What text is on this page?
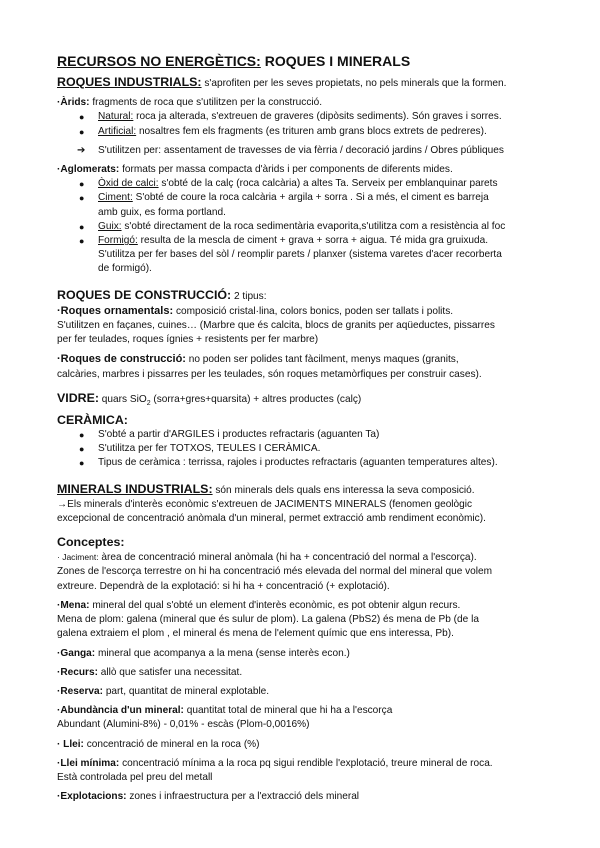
RECURSOS NO ENERGÈTICS: ROQUES I MINERALS

ROQUES INDUSTRIALS: s'aprofiten per les seves propietats, no pels minerals que la formen.

·Àrids: fragments de roca que s'utilitzen per la construcció.

● Natural: roca ja alterada, s'extreuen de graveres (dipòsits sediments). Són graves i sorres.
● Artificial: nosaltres fem els fragments (es trituren amb grans blocs extrets de pedreres).
➔ S'utilitzen per: assentament de travesses de via fèrria / decoració jardins / Obres públiques

·Aglomerats: formats per massa compacta d'àrids i per components de diferents mides.

● Òxid de calci: s'obté de la calç (roca calcària) a altes Ta. Serveix per emblanquinar parets
● Ciment: S'obté de coure la roca calcària + argila + sorra . Si a més, el ciment es barreja
amb guix, es forma portland.
● Guix: s'obté directament de la roca sedimentària evaporita,s'utilitza com a resistència al foc
● Formigó: resulta de la mescla de ciment + grava + sorra + aigua. Té mida gra gruixuda.
S'utilitza per fer bases del sòl / reomplir parets / planxer (sistema varetes d'acer recorberta
de formigó).

ROQUES DE CONSTRUCCIÓ: 2 tipus:

·Roques ornamentals: composició cristal·lina, colors bonics, poden ser tallats i polits.

S'utilitzen en façanes, cuines… (Marbre que és calcita, blocs de granits per aqüeductes, pissarres

per fer teulades, roques ígnies + resistents per fer marbre)

·Roques de construcció: no poden ser polides tant fàcilment, menys maques (granits,

calcàries, marbres i pissarres per les teulades, són roques metamòrfiques per construir cases).

VIDRE: quars SiO$_2$ (sorra+gres+quarsita) + altres productes (calç)

CERÀMICA:

● S'obté a partir d'ARGILES i productes refractaris (aguanten Ta)
● S'utilitza per fer TOTXOS, TEULES I CERÀMICA.
● Tipus de ceràmica : terrissa, rajoles i productes refractaris (aguanten temperatures altes).

MINERALS INDUSTRIALS: són minerals dels quals ens interessa la seva composició.

→Els minerals d'interès econòmic s'extreuen de JACIMENTS MINERALS (fenomen geològic

excepcional de concentració anòmala d'un mineral, permet extracció amb rendiment econòmic).

Conceptes:

· Jaciment: àrea de concentració mineral anòmala (hi ha + concentració del normal a l'escorça).

Zones de l'escorça terrestre on hi ha concentració més elevada del normal del mineral que volem

extreure. Dependrà de la explotació: si hi ha + concentració (+ explotació).

·Mena: mineral del qual s'obté un element d'interès econòmic, es pot obtenir algun recurs.

Mena de plom: galena (mineral que és sulur de plom). La galena (PbS2) és mena de Pb (de la

galena extraiem el plom , el mineral és mena de l'element químic que ens interessa, Pb).

·Ganga: mineral que acompanya a la mena (sense interès econ.)

·Recurs: allò que satisfer una necessitat.

·Reserva: part, quantitat de mineral explotable.

·Abundància d'un mineral: quantitat total de mineral que hi ha a l'escorça

Abundant (Alumini-8%) - 0,01% - escàs (Plom-0,0016%)

· Llei: concentració de mineral en la roca (%)

·Llei mínima: concentració mínima a la roca pq sigui rendible l'explotació, treure mineral de roca.

Està controlada pel preu del metall

·Explotacions: zones i infraestructura per a l'extracció dels mineral
